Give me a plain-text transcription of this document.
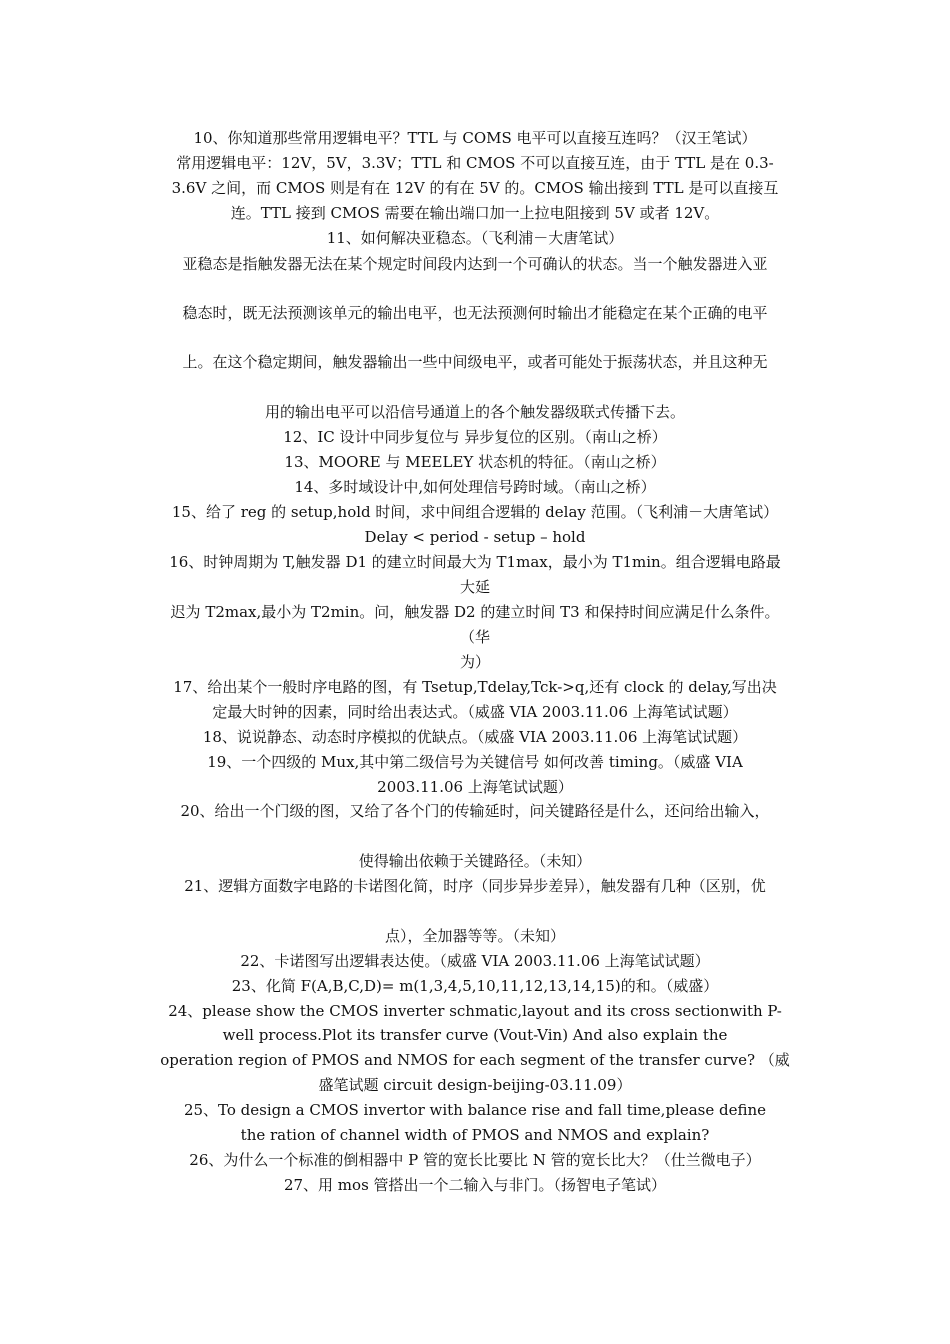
10、你知道那些常用逻辑电平？TTL 与 COMS 电平可以直接互连吗？（汉王笔试）
常用逻辑电平：12V，5V，3.3V；TTL 和 CMOS 不可以直接互连，由于 TTL 是在 0.3-
3.6V 之间，而 CMOS 则是有在 12V 的有在 5V 的。CMOS 输出接到 TTL 是可以直接互
连。TTL 接到 CMOS 需要在输出端口加一上拉电阻接到 5V 或者 12V。
11、如何解决亚稳态。（飞利浦－大唐笔试）
亚稳态是指触发器无法在某个规定时间段内达到一个可确认的状态。当一个触发器进入亚
稳态时，既无法预测该单元的输出电平，也无法预测何时输出才能稳定在某个正确的电平
上。在这个稳定期间，触发器输出一些中间级电平，或者可能处于振荡状态，并且这种无
用的输出电平可以沿信号通道上的各个触发器级联式传播下去。
12、IC 设计中同步复位与 异步复位的区别。（南山之桥）
13、MOORE 与 MEELEY 状态机的特征。（南山之桥）
14、多时域设计中,如何处理信号跨时域。（南山之桥）
15、给了 reg 的 setup,hold 时间，求中间组合逻辑的 delay 范围。（飞利浦－大唐笔试）
Delay < period - setup – hold
16、时钟周期为 T,触发器 D1 的建立时间最大为 T1max，最小为 T1min。组合逻辑电路最
大延
迟为 T2max,最小为 T2min。问，触发器 D2 的建立时间 T3 和保持时间应满足什么条件。
（华
为）
17、给出某个一般时序电路的图，有 Tsetup,Tdelay,Tck->q,还有 clock 的 delay,写出决
定最大时钟的因素，同时给出表达式。（威盛 VIA 2003.11.06 上海笔试试题）
18、说说静态、动态时序模拟的优缺点。（威盛 VIA 2003.11.06 上海笔试试题）
19、一个四级的 Mux,其中第二级信号为关键信号 如何改善 timing。（威盛 VIA
2003.11.06 上海笔试试题）
20、给出一个门级的图，又给了各个门的传输延时，问关键路径是什么，还问给出输入，
使得输出依赖于关键路径。（未知）
21、逻辑方面数字电路的卡诺图化简，时序（同步异步差异），触发器有几种（区别，优
点），全加器等等。（未知）
22、卡诺图写出逻辑表达使。（威盛 VIA 2003.11.06 上海笔试试题）
23、化简 F(A,B,C,D)= m(1,3,4,5,10,11,12,13,14,15)的和。（威盛）
24、please show the CMOS inverter schmatic,layout and its cross sectionwith P-
well process.Plot its transfer curve (Vout-Vin) And also explain the
operation region of PMOS and NMOS for each segment of the transfer curve? （威
盛笔试题 circuit design-beijing-03.11.09）
25、To design a CMOS invertor with balance rise and fall time,please define
the ration of channel width of PMOS and NMOS and explain?
26、为什么一个标准的倒相器中 P 管的宽长比要比 N 管的宽长比大？（仕兰微电子）
27、用 mos 管搭出一个二输入与非门。（扬智电子笔试）
